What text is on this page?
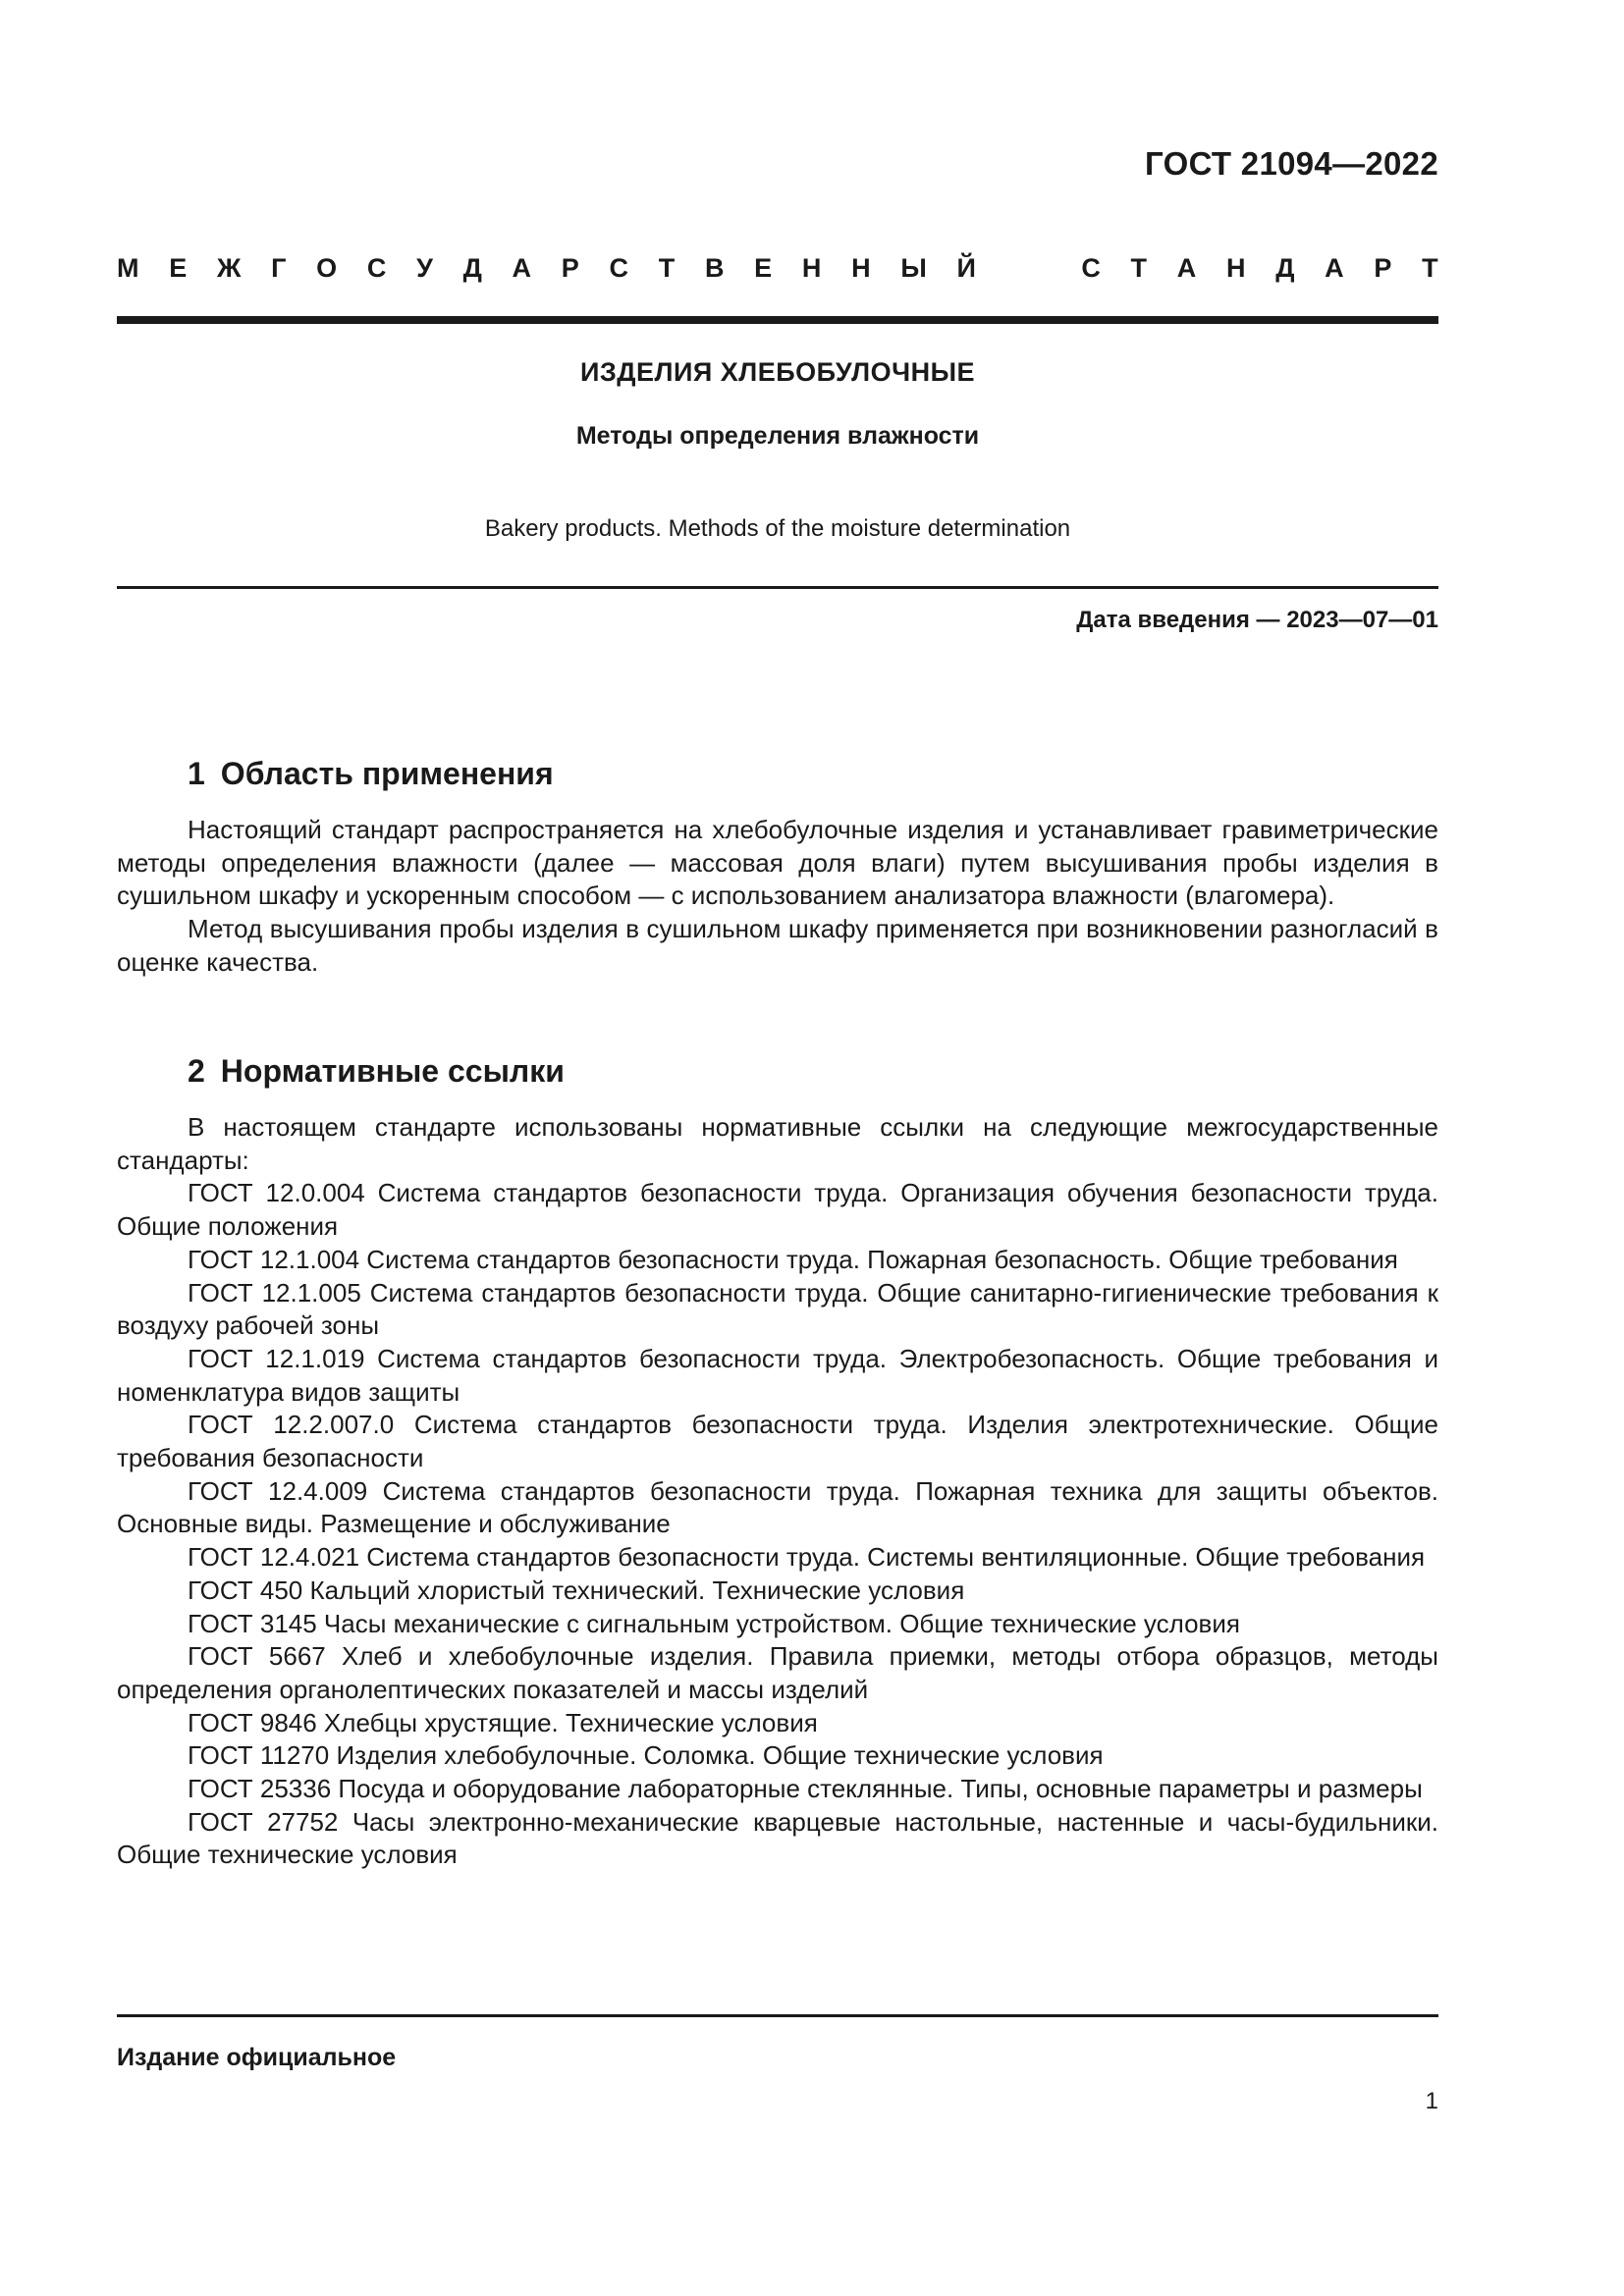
ГОСТ 21094—2022
М Е Ж Г О С У Д А Р С Т В Е Н Н Ы Й	С Т А Н Д А Р Т
ИЗДЕЛИЯ ХЛЕБОБУЛОЧНЫЕ
Методы определения влажности
Bakery products. Methods of the moisture determination
Дата введения — 2023—07—01
1 Область применения

Настоящий стандарт распространяется на хлебобулочные изделия и устанавливает гравиметрические методы определения влажности (далее — массовая доля влаги) путем высушивания пробы изделия в сушильном шкафу и ускоренным способом — с использованием анализатора влажности (влагомера).

Метод высушивания пробы изделия в сушильном шкафу применяется при возникновении разногласий в оценке качества.

2 Нормативные ссылки

В настоящем стандарте использованы нормативные ссылки на следующие межгосударственные стандарты:

ГОСТ 12.0.004 Система стандартов безопасности труда. Организация обучения безопасности труда. Общие положения

ГОСТ 12.1.004 Система стандартов безопасности труда. Пожарная безопасность. Общие требования

ГОСТ 12.1.005 Система стандартов безопасности труда. Общие санитарно-гигиенические требования к воздуху рабочей зоны

ГОСТ 12.1.019 Система стандартов безопасности труда. Электробезопасность. Общие требования и номенклатура видов защиты

ГОСТ 12.2.007.0 Система стандартов безопасности труда. Изделия электротехнические. Общие требования безопасности

ГОСТ 12.4.009 Система стандартов безопасности труда. Пожарная техника для защиты объектов. Основные виды. Размещение и обслуживание

ГОСТ 12.4.021 Система стандартов безопасности труда. Системы вентиляционные. Общие требования

ГОСТ 450 Кальций хлористый технический. Технические условия

ГОСТ 3145 Часы механические с сигнальным устройством. Общие технические условия

ГОСТ 5667 Хлеб и хлебобулочные изделия. Правила приемки, методы отбора образцов, методы определения органолептических показателей и массы изделий

ГОСТ 9846 Хлебцы хрустящие. Технические условия

ГОСТ 11270 Изделия хлебобулочные. Соломка. Общие технические условия

ГОСТ 25336 Посуда и оборудование лабораторные стеклянные. Типы, основные параметры и размеры

ГОСТ 27752 Часы электронно-механические кварцевые настольные, настенные и часы-будильники. Общие технические условия

Издание официальное
1
